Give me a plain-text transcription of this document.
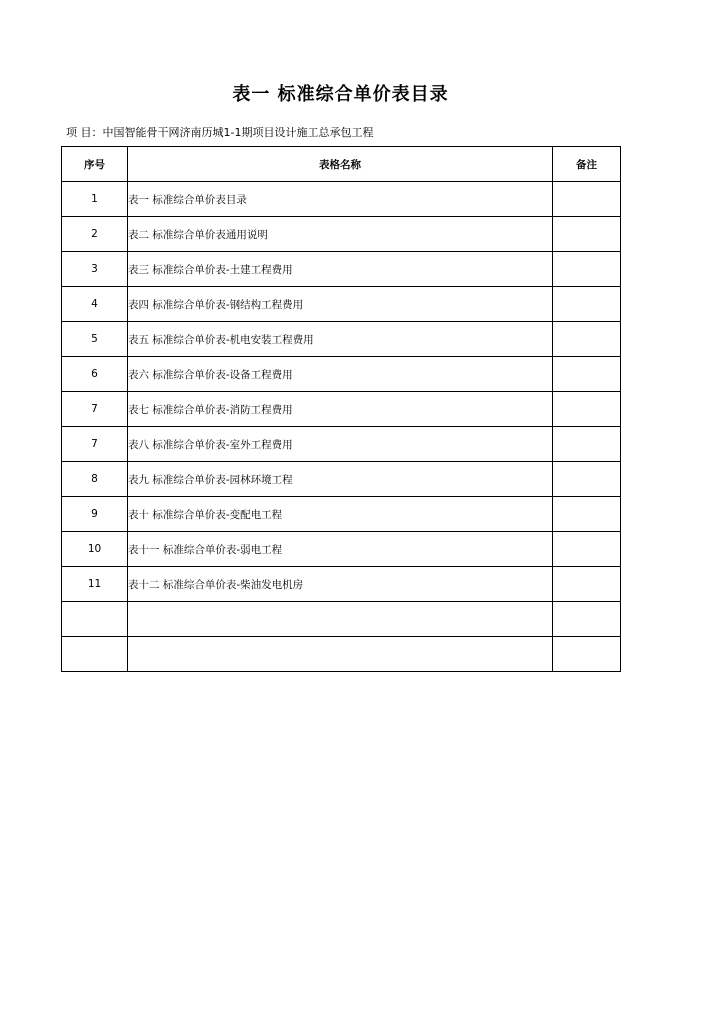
表一 标准综合单价表目录
项 目：中国智能骨干网济南历城1-1期项目设计施工总承包工程
序号	表格名称	备注
1	表一 标准综合单价表目录	
2	表二 标准综合单价表通用说明	
3	表三 标准综合单价表-土建工程费用	
4	表四 标准综合单价表-钢结构工程费用	
5	表五 标准综合单价表-机电安装工程费用	
6	表六 标准综合单价表-设备工程费用	
7	表七 标准综合单价表-消防工程费用	
7	表八 标准综合单价表-室外工程费用	
8	表九 标准综合单价表-园林环境工程	
9	表十 标准综合单价表-变配电工程	
10	表十一 标准综合单价表-弱电工程	
11	表十二 标准综合单价表-柴油发电机房	
